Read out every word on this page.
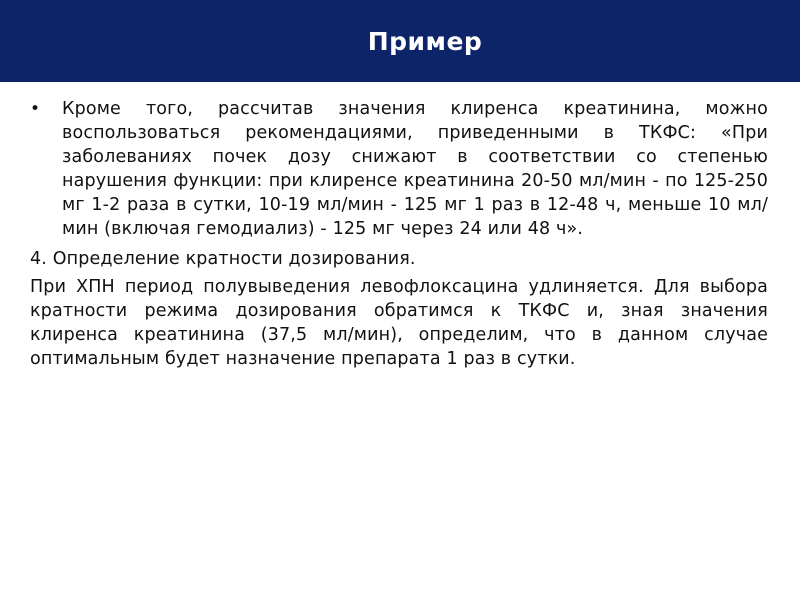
Пример
• Кроме того, рассчитав значения клиренса креатинина, можно воспользоваться рекомендациями, приведенными в ТКФС: «При заболеваниях почек дозу снижают в соответствии со степенью нарушения функции: при клиренсе креатинина 20-50 мл/мин - по 125-250 мг 1-2 раза в сутки, 10-19 мл/мин - 125 мг 1 раз в 12-48 ч, меньше 10 мл/мин (включая гемодиализ) - 125 мг через 24 или 48 ч».
4. Определение кратности дозирования.
При ХПН период полувыведения левофлоксацина удлиняется. Для выбора кратности режима дозирования обратимся к ТКФС и, зная значения клиренса креатинина (37,5 мл/мин), определим, что в данном случае оптимальным будет назначение препарата 1 раз в сутки.
